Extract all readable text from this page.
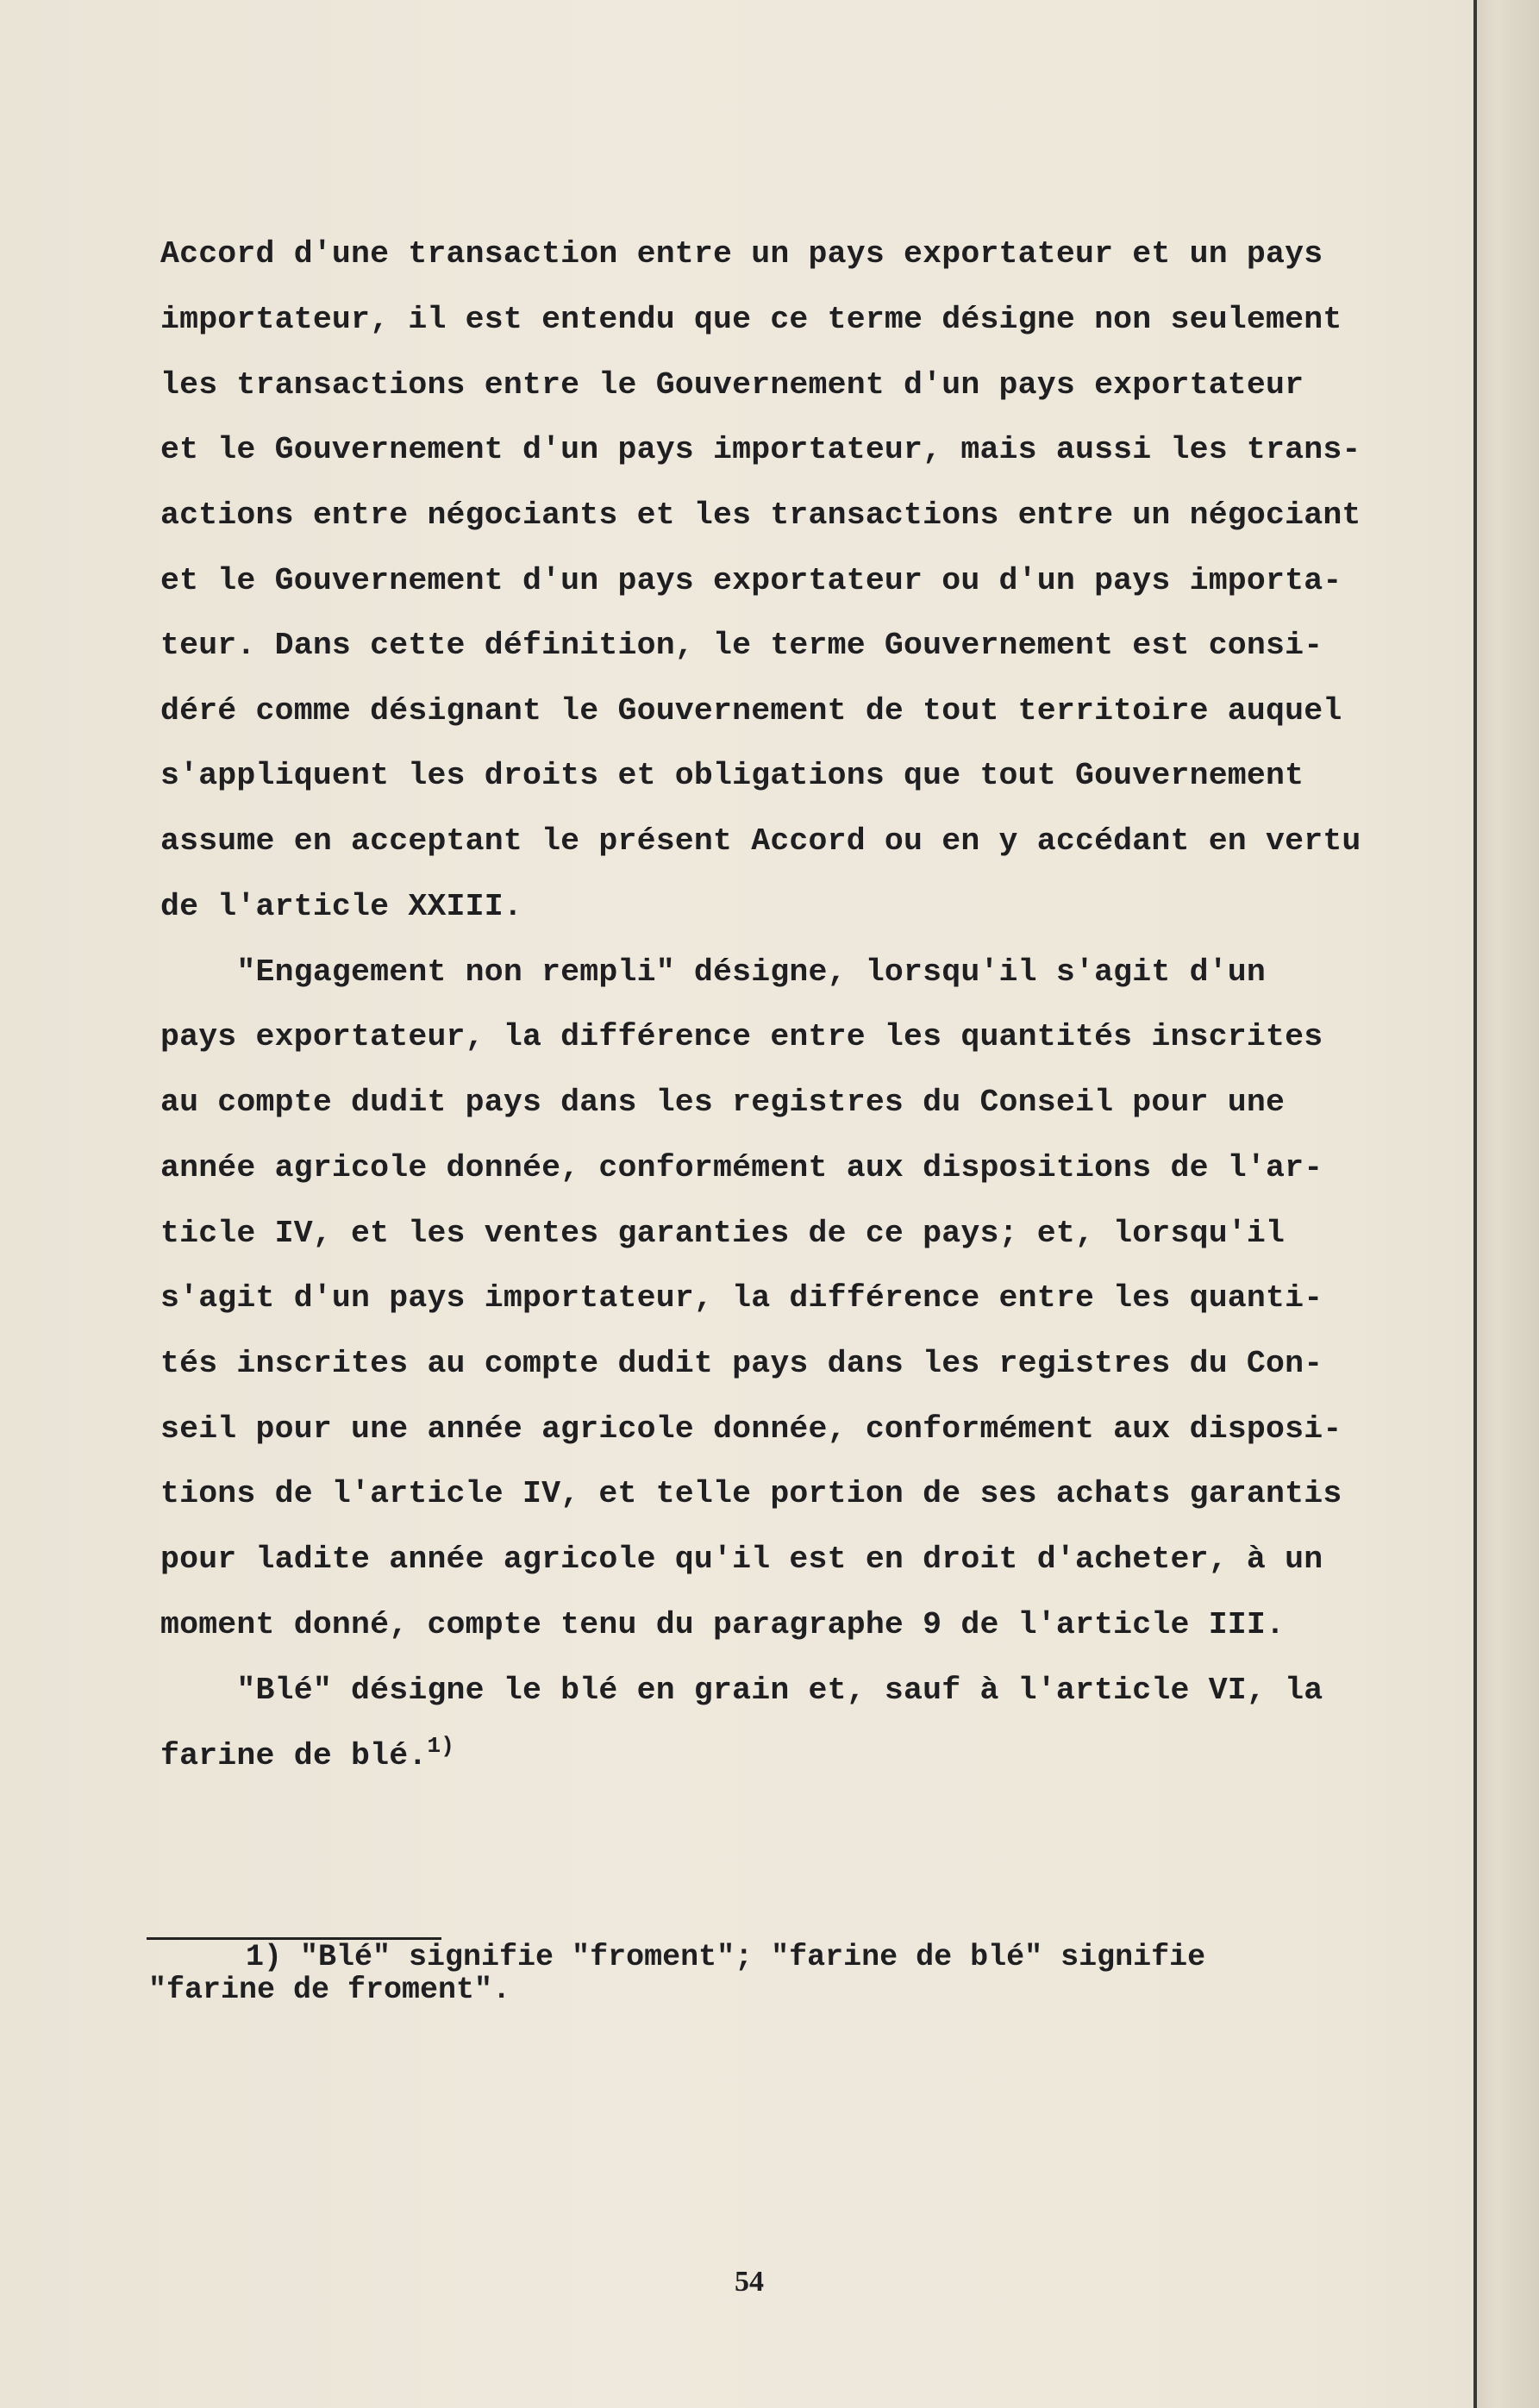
Accord d'une transaction entre un pays exportateur et un pays

importateur, il est entendu que ce terme désigne non seulement

les transactions entre le Gouvernement d'un pays exportateur

et le Gouvernement d'un pays importateur, mais aussi les trans-

actions entre négociants et les transactions entre un négociant

et le Gouvernement d'un pays exportateur ou d'un pays importa-

teur. Dans cette définition, le terme Gouvernement est consi-

déré comme désignant le Gouvernement de tout territoire auquel

s'appliquent les droits et obligations que tout Gouvernement

assume en acceptant le présent Accord ou en y accédant en vertu

de l'article XXIII.

"Engagement non rempli" désigne, lorsqu'il s'agit d'un

pays exportateur, la différence entre les quantités inscrites

au compte dudit pays dans les registres du Conseil pour une

année agricole donnée, conformément aux dispositions de l'ar-

ticle IV, et les ventes garanties de ce pays; et, lorsqu'il

s'agit d'un pays importateur, la différence entre les quanti-

tés inscrites au compte dudit pays dans les registres du Con-

seil pour une année agricole donnée, conformément aux disposi-

tions de l'article IV, et telle portion de ses achats garantis

pour ladite année agricole qu'il est en droit d'acheter, à un

moment donné, compte tenu du paragraphe 9 de l'article III.

"Blé" désigne le blé en grain et, sauf à l'article VI, la

farine de blé.$^{1)}$

1) "Blé" signifie "froment"; "farine de blé" signifie

"farine de froment".

54
